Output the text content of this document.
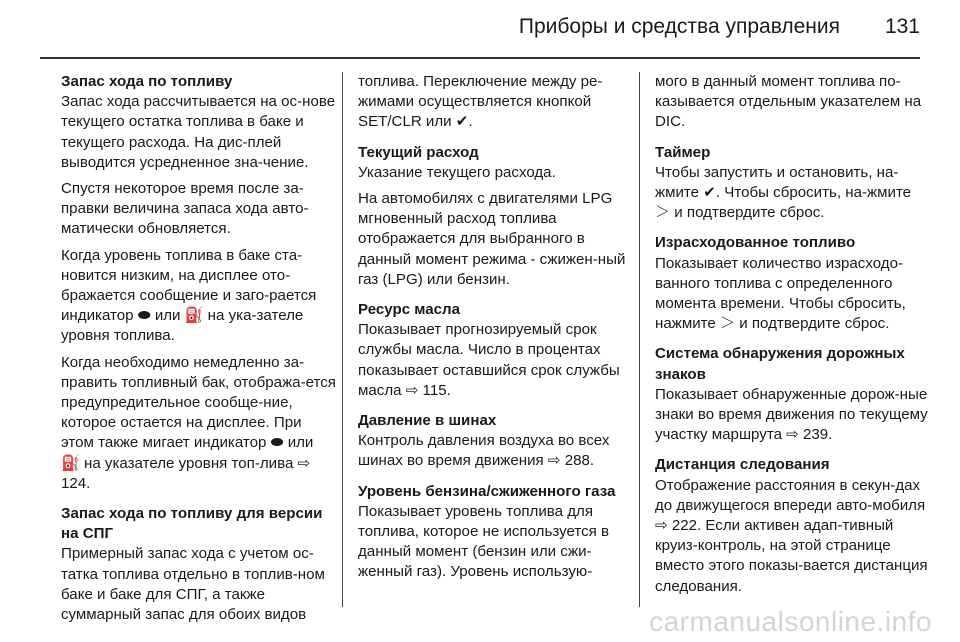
Приборы и средства управления 131
Запас хода по топливу

Запас хода рассчитывается на ос-нове текущего остатка топлива в баке и текущего расхода. На дис-плей выводится усредненное зна-чение.

Спустя некоторое время после за-правки величина запаса хода авто-матически обновляется.

Когда уровень топлива в баке ста-новится низким, на дисплее ото-бражается сообщение и заго-рается индикатор ⬬ или ⛽ на ука-зателе уровня топлива.

Когда необходимо немедленно за-править топливный бак, отобража-ется предупредительное сообще-ние, которое остается на дисплее. При этом также мигает индикатор ⬬ или ⛽ на указателе уровня топ-лива ⇨ 124.

Запас хода по топливу для версии на СПГ

Примерный запас хода с учетом ос-татка топлива отдельно в топлив-ном баке и баке для СПГ, а также суммарный запас для обоих видов

топлива. Переключение между ре-жимами осуществляется кнопкой SET/CLR или ✔.

Текущий расход

Указание текущего расхода.

На автомобилях с двигателями LPG мгновенный расход топлива отображается для выбранного в данный момент режима - сжижен-ный газ (LPG) или бензин.

Ресурс масла

Показывает прогнозируемый срок службы масла. Число в процентах показывает оставшийся срок службы масла ⇨ 115.

Давление в шинах

Контроль давления воздуха во всех шинах во время движения ⇨ 288.

Уровень бензина/сжиженного газа

Показывает уровень топлива для топлива, которое не используется в данный момент (бензин или сжи-женный газ). Уровень использую-

мого в данный момент топлива по-казывается отдельным указателем на DIC.

Таймер

Чтобы запустить и остановить, на-жмите ✔. Чтобы сбросить, на-жмите ＞ и подтвердите сброс.

Израсходованное топливо

Показывает количество израсходо-ванного топлива с определенного момента времени. Чтобы сбросить, нажмите ＞ и подтвердите сброс.

Система обнаружения дорожных знаков

Показывает обнаруженные дорож-ные знаки во время движения по текущему участку маршрута ⇨ 239.

Дистанция следования

Отображение расстояния в секун-дах до движущегося впереди авто-мобиля ⇨ 222. Если активен адап-тивный круиз-контроль, на этой странице вместо этого показы-вается дистанция следования.

carmanualsonline.info
